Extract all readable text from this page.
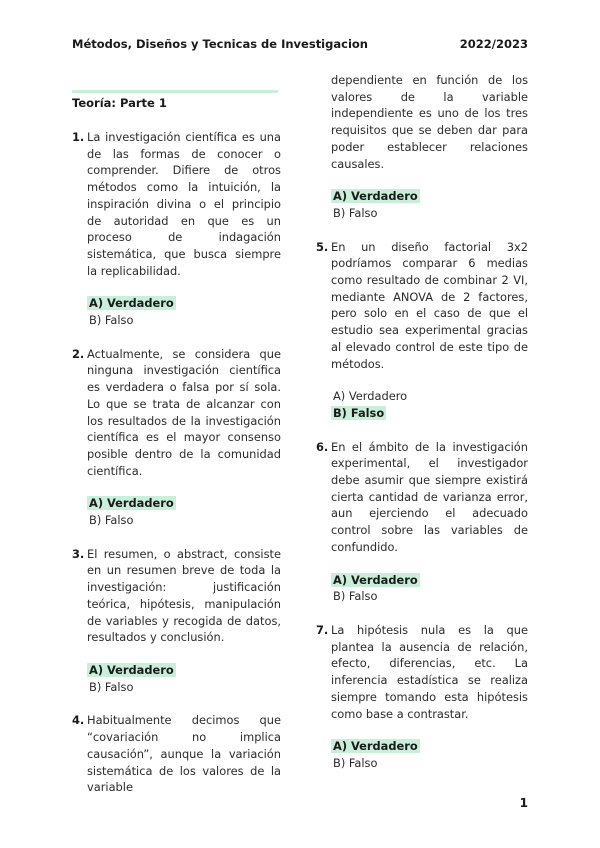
Métodos, Diseños y Tecnicas de Investigacion	2022/2023
Teoría: Parte 1
1. La investigación científica es una de las formas de conocer o comprender. Difiere de otros métodos como la intuición, la inspiración divina o el principio de autoridad en que es un proceso de indagación sistemática, que busca siempre la replicabilidad.
A) Verdadero
B) Falso
2. Actualmente, se considera que ninguna investigación científica es verdadera o falsa por sí sola. Lo que se trata de alcanzar con los resultados de la investigación científica es el mayor consenso posible dentro de la comunidad científica.
A) Verdadero
B) Falso
3. El resumen, o abstract, consiste en un resumen breve de toda la investigación: justificación teórica, hipótesis, manipulación de variables y recogida de datos, resultados y conclusión.
A) Verdadero
B) Falso
4. Habitualmente decimos que “covariación no implica causación”, aunque la variación sistemática de los valores de la variable
dependiente en función de los valores de la variable independiente es uno de los tres requisitos que se deben dar para poder establecer relaciones causales.
A) Verdadero
B) Falso
5. En un diseño factorial 3x2 podríamos comparar 6 medias como resultado de combinar 2 VI, mediante ANOVA de 2 factores, pero solo en el caso de que el estudio sea experimental gracias al elevado control de este tipo de métodos.
A) Verdadero
B) Falso
6. En el ámbito de la investigación experimental, el investigador debe asumir que siempre existirá cierta cantidad de varianza error, aun ejerciendo el adecuado control sobre las variables de confundido.
A) Verdadero
B) Falso
7. La hipótesis nula es la que plantea la ausencia de relación, efecto, diferencias, etc. La inferencia estadística se realiza siempre tomando esta hipótesis como base a contrastar.
A) Verdadero
B) Falso
1
